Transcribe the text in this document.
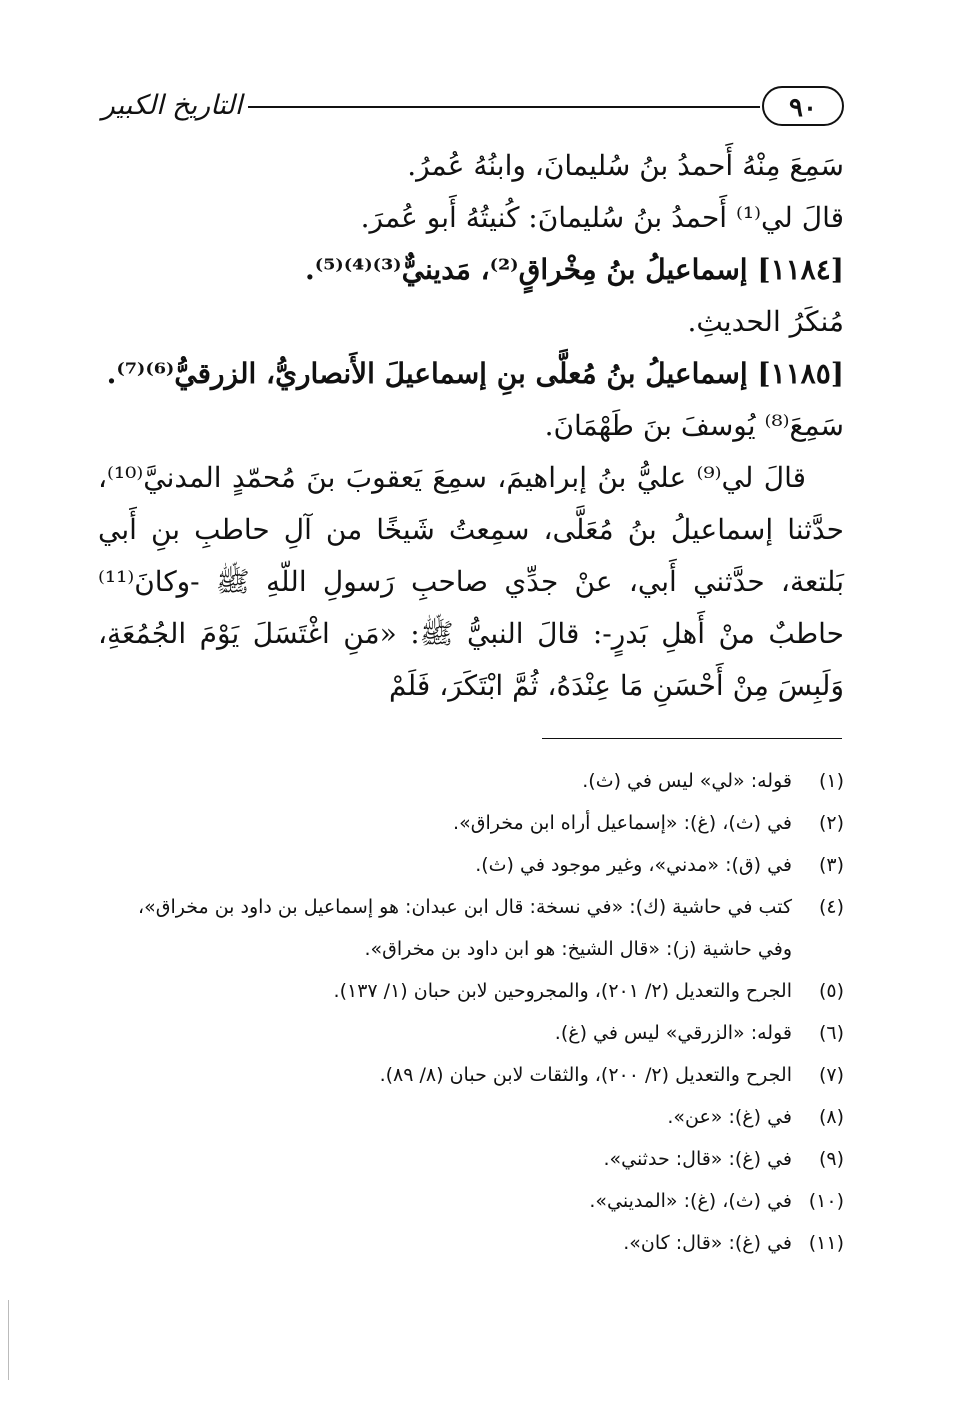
٩٠
التاريخ الكبير

سَمِعَ مِنْهُ أَحمدُ بنُ سُليمانَ، وابنُهُ عُمرُ.

قالَ لي⁽¹⁾ أَحمدُ بنُ سُليمانَ: كُنيتُهُ أَبو عُمرَ.

[١١٨٤] إسماعيلُ بنُ مِخْراقٍ⁽²⁾، مَدينيٌّ⁽³⁾⁽⁴⁾⁽⁵⁾.

مُنكَرُ الحديثِ.

[١١٨٥] إسماعيلُ بنُ مُعلَّى بنِ إسماعيلَ الأَنصاريُّ، الزرقيُّ⁽⁶⁾⁽⁷⁾.

سَمِعَ⁽⁸⁾ يُوسفَ بنَ طَهْمَانَ.

قالَ لي⁽⁹⁾ عليُّ بنُ إبراهيمَ، سمِعَ يَعقوبَ بنَ مُحمّدٍ المدنيَّ⁽¹⁰⁾، حدَّثنا إسماعيلُ بنُ مُعَلَّى، سمِعتُ شَيخًا من آلِ حاطبِ بنِ أَبي بَلتعة، حدَّثني أَبي، عنْ جدِّي صاحبِ رَسولِ اللّهِ ﷺ -وكانَ⁽¹¹⁾ حاطبٌ منْ أَهلِ بَدرٍ-: قالَ النبيُّ ﷺ: «مَنِ اغْتَسَلَ يَوْمَ الجُمُعَةِ، وَلَبِسَ مِنْ أَحْسَنِ مَا عِنْدَهُ، ثُمَّ ابْتَكَرَ، فَلَمْ

(١)
قوله: «لي» ليس في (ث).
(٢)
في (ث)، (غ): «إسماعيل أراه ابن مخراق».
(٣)
في (ق): «مدني»، وغير موجود في (ث).
(٤)
كتب في حاشية (ك): «في نسخة: قال ابن عبدان: هو إسماعيل بن داود بن مخراق»، وفي حاشية (ز): «قال الشيخ: هو ابن داود بن مخراق».
(٥)
الجرح والتعديل (٢/ ٢٠١)، والمجروحين لابن حبان (١/ ١٣٧).
(٦)
قوله: «الزرقي» ليس في (غ).
(٧)
الجرح والتعديل (٢/ ٢٠٠)، والثقات لابن حبان (٨/ ٨٩).
(٨)
في (غ): «عن».
(٩)
في (غ): «قال: حدثني».
(١٠)
في (ث)، (غ): «المديني».
(١١)
في (غ): «قال: كان».
